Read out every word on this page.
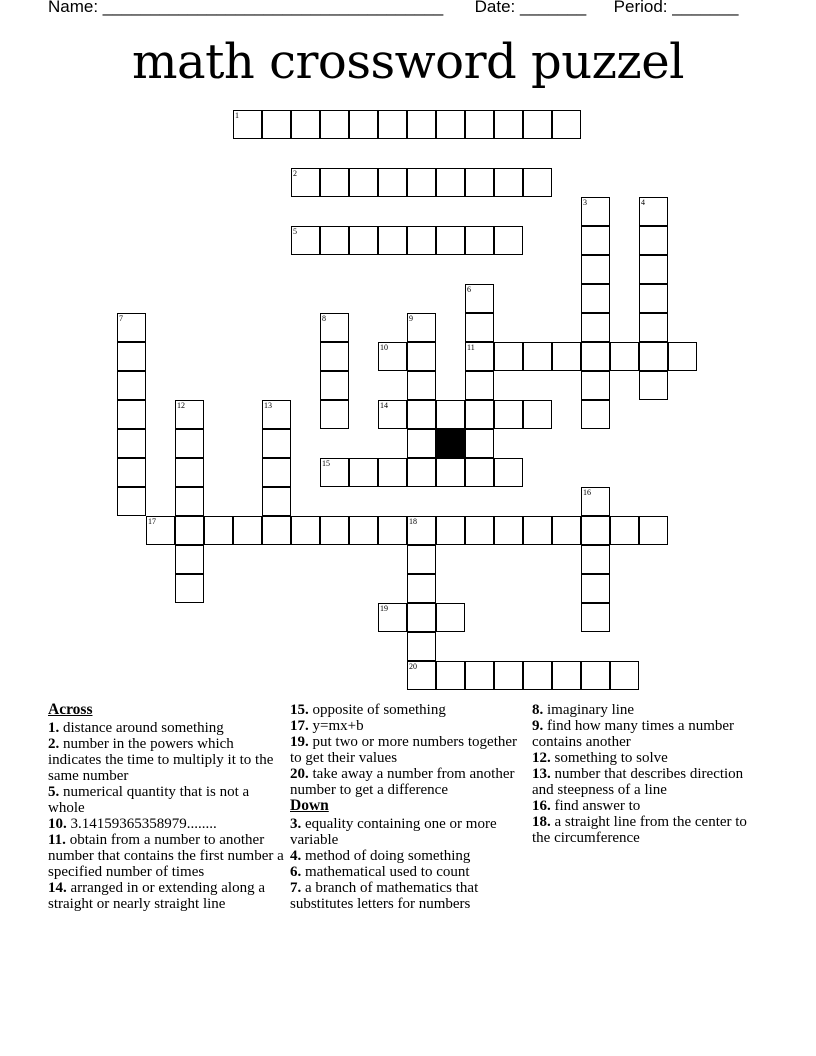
Name: ____________________________________ Date: _______ Period: _______
math crossword puzzel
1
2
3	4
5
6
7	8	9
10	11
12	13	14
15
16
17	18
19
20
Across
1. distance around something
2. number in the powers which indicates the time to multiply it to the same number
5. numerical quantity that is not a whole
10. 3.14159365358979........
11. obtain from a number to another number that contains the first number a specified number of times
14. arranged in or extending along a straight or nearly straight line
15. opposite of something
17. y=mx+b
19. put two or more numbers together to get their values
20. take away a number from another number to get a difference
Down
3. equality containing one or more variable
4. method of doing something
6. mathematical used to count
7. a branch of mathematics that substitutes letters for numbers
8. imaginary line
9. find how many times a number contains another
12. something to solve
13. number that describes direction and steepness of a line
16. find answer to
18. a straight line from the center to the circumference
